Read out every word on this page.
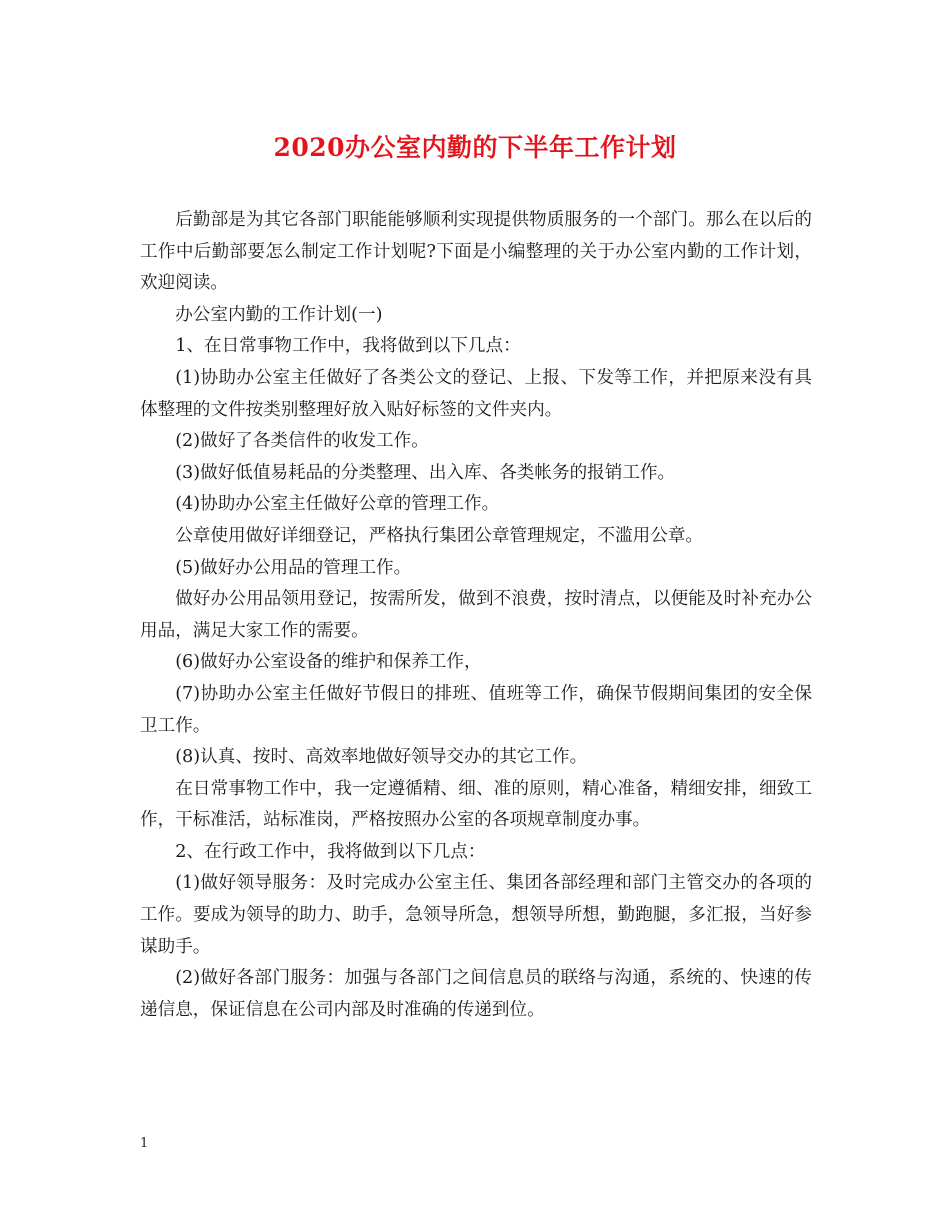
2020办公室内勤的下半年工作计划

后勤部是为其它各部门职能能够顺利实现提供物质服务的一个部门。那么在以后的工作中后勤部要怎么制定工作计划呢?下面是小编整理的关于办公室内勤的工作计划，欢迎阅读。

办公室内勤的工作计划(一)

1、在日常事物工作中，我将做到以下几点：

(1)协助办公室主任做好了各类公文的登记、上报、下发等工作，并把原来没有具体整理的文件按类别整理好放入贴好标签的文件夹内。

(2)做好了各类信件的收发工作。

(3)做好低值易耗品的分类整理、出入库、各类帐务的报销工作。

(4)协助办公室主任做好公章的管理工作。

公章使用做好详细登记，严格执行集团公章管理规定，不滥用公章。

(5)做好办公用品的管理工作。

做好办公用品领用登记，按需所发，做到不浪费，按时清点，以便能及时补充办公用品，满足大家工作的需要。

(6)做好办公室设备的维护和保养工作，

(7)协助办公室主任做好节假日的排班、值班等工作，确保节假期间集团的安全保卫工作。

(8)认真、按时、高效率地做好领导交办的其它工作。

在日常事物工作中，我一定遵循精、细、准的原则，精心准备，精细安排，细致工作，干标准活，站标准岗，严格按照办公室的各项规章制度办事。

2、在行政工作中，我将做到以下几点：

(1)做好领导服务：及时完成办公室主任、集团各部经理和部门主管交办的各项的工作。要成为领导的助力、助手，急领导所急，想领导所想，勤跑腿，多汇报，当好参谋助手。

(2)做好各部门服务：加强与各部门之间信息员的联络与沟通，系统的、快速的传递信息，保证信息在公司内部及时准确的传递到位。

1
